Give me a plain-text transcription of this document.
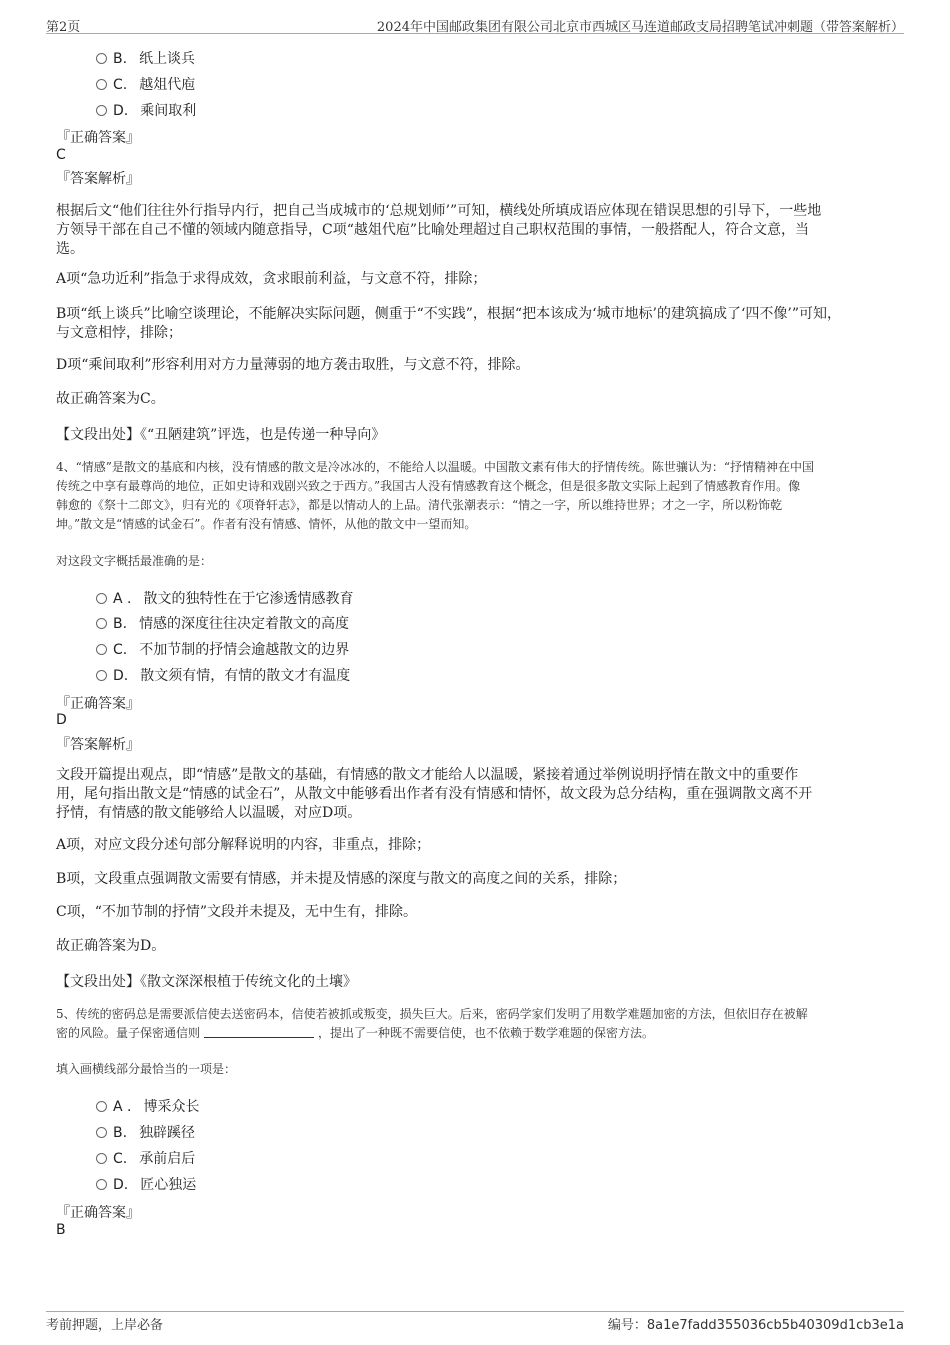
第2页	2024年中国邮政集团有限公司北京市西城区马连道邮政支局招聘笔试冲刺题（带答案解析）
B. 纸上谈兵
C. 越俎代庖
D. 乘间取利
『正确答案』
C
『答案解析』
根据后文“他们往往外行指导内行，把自己当成城市的‘总规划师’”可知，横线处所填成语应体现在错误思想的引导下，一些地
方领导干部在自己不懂的领域内随意指导，C项“越俎代庖”比喻处理超过自己职权范围的事情，一般搭配人，符合文意，当
选。
A项“急功近利”指急于求得成效，贪求眼前利益，与文意不符，排除；
B项“纸上谈兵”比喻空谈理论，不能解决实际问题，侧重于“不实践”，根据“把本该成为‘城市地标’的建筑搞成了‘四不像’”可知，
与文意相悖，排除；
D项“乘间取利”形容利用对方力量薄弱的地方袭击取胜，与文意不符，排除。
故正确答案为C。
【文段出处】《“丑陋建筑”评选，也是传递一种导向》
4、“情感”是散文的基底和内核，没有情感的散文是冷冰冰的，不能给人以温暖。中国散文素有伟大的抒情传统。陈世骧认为：“抒情精神在中国
传统之中享有最尊尚的地位，正如史诗和戏剧兴致之于西方。”我国古人没有情感教育这个概念，但是很多散文实际上起到了情感教育作用。像
韩愈的《祭十二郎文》，归有光的《项脊轩志》，都是以情动人的上品。清代张潮表示：“情之一字，所以维持世界；才之一字，所以粉饰乾
坤。”散文是“情感的试金石”。作者有没有情感、情怀，从他的散文中一望而知。
对这段文字概括最准确的是：
A . 散文的独特性在于它渗透情感教育
B. 情感的深度往往决定着散文的高度
C. 不加节制的抒情会逾越散文的边界
D. 散文须有情，有情的散文才有温度
『正确答案』
D
『答案解析』
文段开篇提出观点，即“情感”是散文的基础，有情感的散文才能给人以温暖，紧接着通过举例说明抒情在散文中的重要作
用，尾句指出散文是“情感的试金石”，从散文中能够看出作者有没有情感和情怀，故文段为总分结构，重在强调散文离不开
抒情，有情感的散文能够给人以温暖，对应D项。
A项，对应文段分述句部分解释说明的内容，非重点，排除；
B项，文段重点强调散文需要有情感，并未提及情感的深度与散文的高度之间的关系，排除；
C项，“不加节制的抒情”文段并未提及，无中生有，排除。
故正确答案为D。
【文段出处】《散文深深根植于传统文化的土壤》
5、传统的密码总是需要派信使去送密码本，信使若被抓或叛变，损失巨大。后来，密码学家们发明了用数学难题加密的方法，但依旧存在被解
密的风险。量子保密通信则	，提出了一种既不需要信使，也不依赖于数学难题的保密方法。
填入画横线部分最恰当的一项是：
A . 博采众长
B. 独辟蹊径
C. 承前启后
D. 匠心独运
『正确答案』
B
考前押题，上岸必备	编号：8a1e7fadd355036cb5b40309d1cb3e1a
